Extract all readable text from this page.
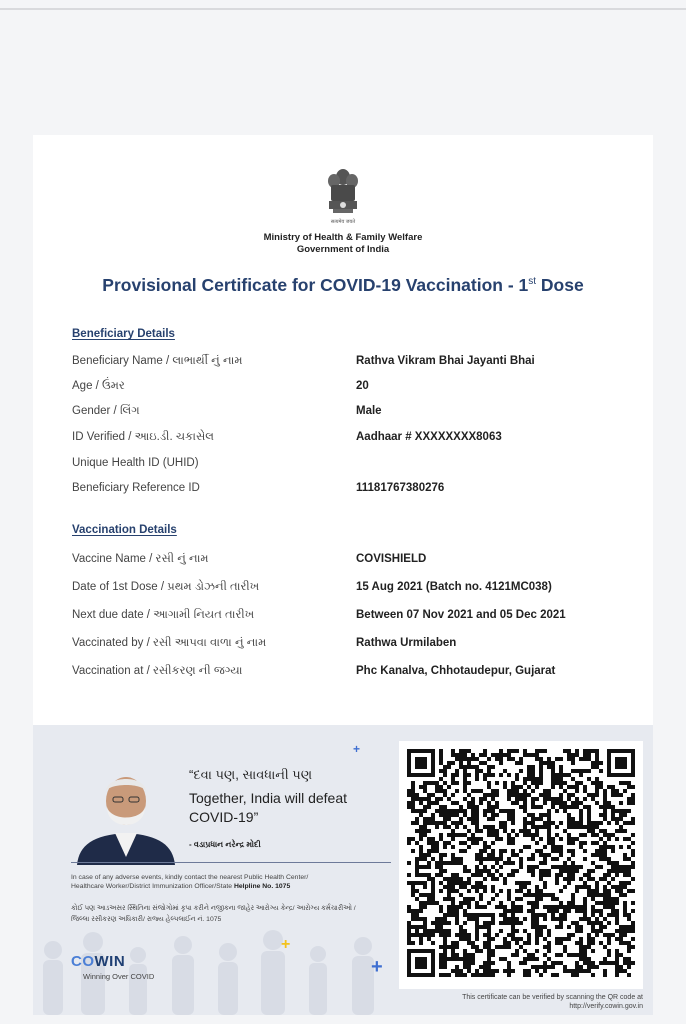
सत्यमेव जयते
Ministry of Health & Family Welfare
Government of India
Provisional Certificate for COVID-19 Vaccination - 1st Dose
Beneficiary Details
Beneficiary Name / લાભાર્થી નું નામ	Rathva Vikram Bhai Jayanti Bhai
Age / ઉંમર	20
Gender / લિંગ	Male
ID Verified / આઇ.ડી. ચકાસેલ	Aadhaar # XXXXXXXX8063
Unique Health ID (UHID)
Beneficiary Reference ID	11181767380276
Vaccination Details
Vaccine Name / રસી નું નામ	COVISHIELD
Date of 1st Dose / પ્રથમ ડોઝની તારીખ	15 Aug 2021 (Batch no. 4121MC038)
Next due date / આગામી નિયત તારીખ	Between 07 Nov 2021 and 05 Dec 2021
Vaccinated by / રસી આપવા વાળા નું નામ	Rathwa Urmilaben
Vaccination at / રસીકરણ ની જગ્યા	Phc Kanalva, Chhotaudepur, Gujarat
“દવા પણ, સાવધાની પણ
Together, India will defeat COVID-19”
- વડાપ્રધાન નરેન્દ્ર મોદી
In case of any adverse events, kindly contact the nearest Public Health Center/
Healthcare Worker/District Immunization Officer/State Helpline No. 1075
કોઈ પણ આડઅસર સ્થિતિના સંજોગોમાં કૃપા કરીને નજીકના જાહેર આરોગ્ય કેન્દ્ર/ આરોગ્ય કર્મચારીઓ /
જિલ્લા રસીકરણ અધિકારી/ રાજ્ય હેલ્પલાઈન નં. 1075
COWIN
Winning Over COVID
+
+
+
This certificate can be verified by scanning the QR code at
http://verify.cowin.gov.in
